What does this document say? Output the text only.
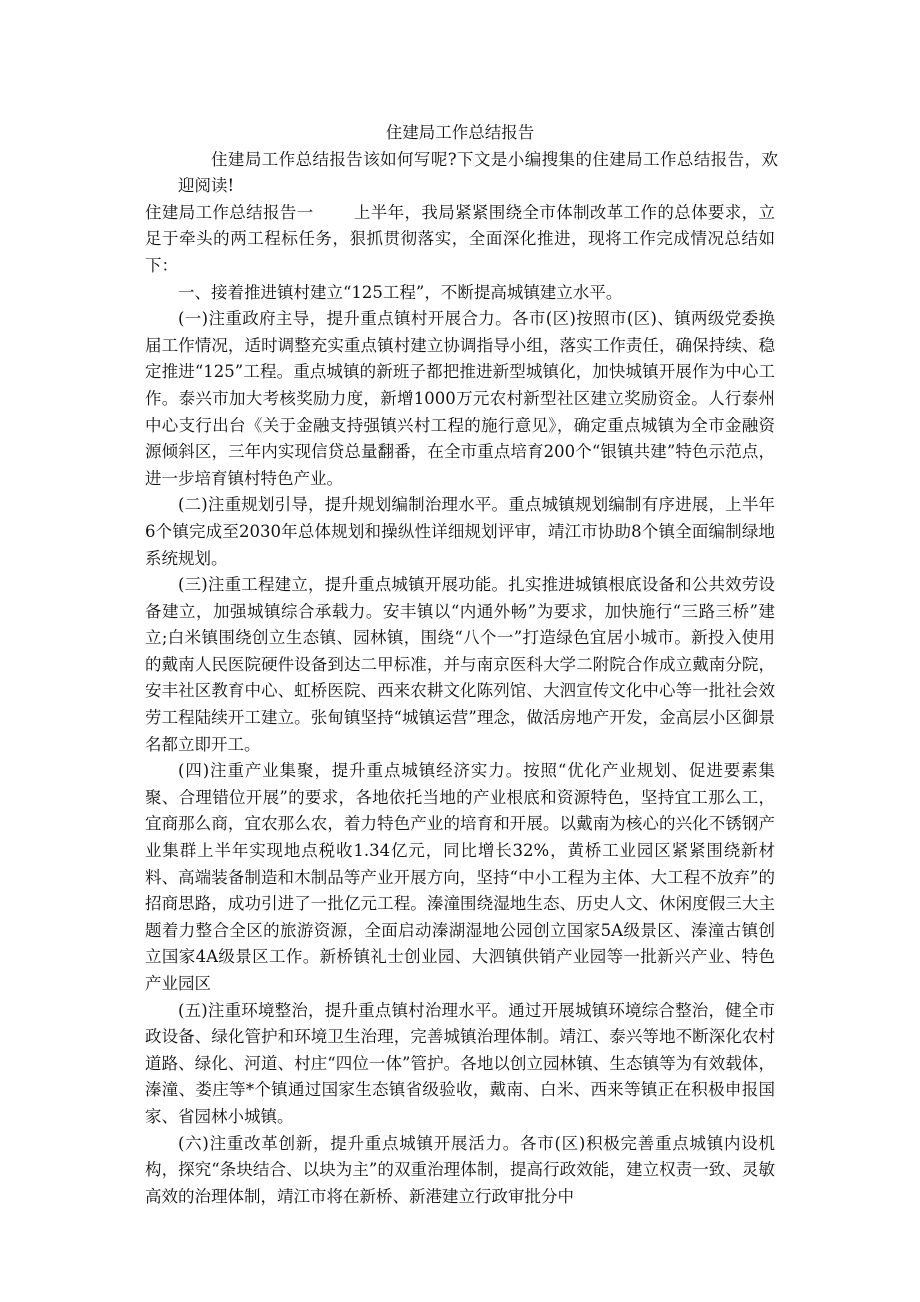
住建局工作总结报告

住建局工作总结报告该如何写呢?下文是小编搜集的住建局工作总结报告，欢迎阅读!

住建局工作总结报告一 上半年，我局紧紧围绕全市体制改革工作的总体要求，立足于牵头的两工程标任务，狠抓贯彻落实，全面深化推进，现将工作完成情况总结如下：

一、接着推进镇村建立“125工程”，不断提高城镇建立水平。

(一)注重政府主导，提升重点镇村开展合力。各市(区)按照市(区)、镇两级党委换届工作情况，适时调整充实重点镇村建立协调指导小组，落实工作责任，确保持续、稳定推进“125”工程。重点城镇的新班子都把推进新型城镇化，加快城镇开展作为中心工作。泰兴市加大考核奖励力度，新增1000万元农村新型社区建立奖励资金。人行泰州中心支行出台《关于金融支持强镇兴村工程的施行意见》，确定重点城镇为全市金融资源倾斜区，三年内实现信贷总量翻番，在全市重点培育200个“银镇共建”特色示范点，进一步培育镇村特色产业。

(二)注重规划引导，提升规划编制治理水平。重点城镇规划编制有序进展，上半年6个镇完成至2030年总体规划和操纵性详细规划评审，靖江市协助8个镇全面编制绿地系统规划。

(三)注重工程建立，提升重点城镇开展功能。扎实推进城镇根底设备和公共效劳设备建立，加强城镇综合承载力。安丰镇以“内通外畅”为要求，加快施行“三路三桥”建立;白米镇围绕创立生态镇、园林镇，围绕“八个一”打造绿色宜居小城市。新投入使用的戴南人民医院硬件设备到达二甲标准，并与南京医科大学二附院合作成立戴南分院，安丰社区教育中心、虹桥医院、西来农耕文化陈列馆、大泗宣传文化中心等一批社会效劳工程陆续开工建立。张甸镇坚持“城镇运营”理念，做活房地产开发，金高层小区御景名都立即开工。

(四)注重产业集聚，提升重点城镇经济实力。按照“优化产业规划、促进要素集聚、合理错位开展”的要求，各地依托当地的产业根底和资源特色，坚持宜工那么工，宜商那么商，宜农那么农，着力特色产业的培育和开展。以戴南为核心的兴化不锈钢产业集群上半年实现地点税收1.34亿元，同比增长32%，黄桥工业园区紧紧围绕新材料、高端装备制造和木制品等产业开展方向，坚持“中小工程为主体、大工程不放弃”的招商思路，成功引进了一批亿元工程。溱潼围绕湿地生态、历史人文、休闲度假三大主题着力整合全区的旅游资源，全面启动溱湖湿地公园创立国家5A级景区、溱潼古镇创立国家4A级景区工作。新桥镇礼士创业园、大泗镇供销产业园等一批新兴产业、特色产业园区

(五)注重环境整治，提升重点镇村治理水平。通过开展城镇环境综合整治，健全市政设备、绿化管护和环境卫生治理，完善城镇治理体制。靖江、泰兴等地不断深化农村道路、绿化、河道、村庄“四位一体”管护。各地以创立园林镇、生态镇等为有效载体，溱潼、娄庄等*个镇通过国家生态镇省级验收，戴南、白米、西来等镇正在积极申报国家、省园林小城镇。

(六)注重改革创新，提升重点城镇开展活力。各市(区)积极完善重点城镇内设机构，探究“条块结合、以块为主”的双重治理体制，提高行政效能，建立权责一致、灵敏高效的治理体制，靖江市将在新桥、新港建立行政审批分中
